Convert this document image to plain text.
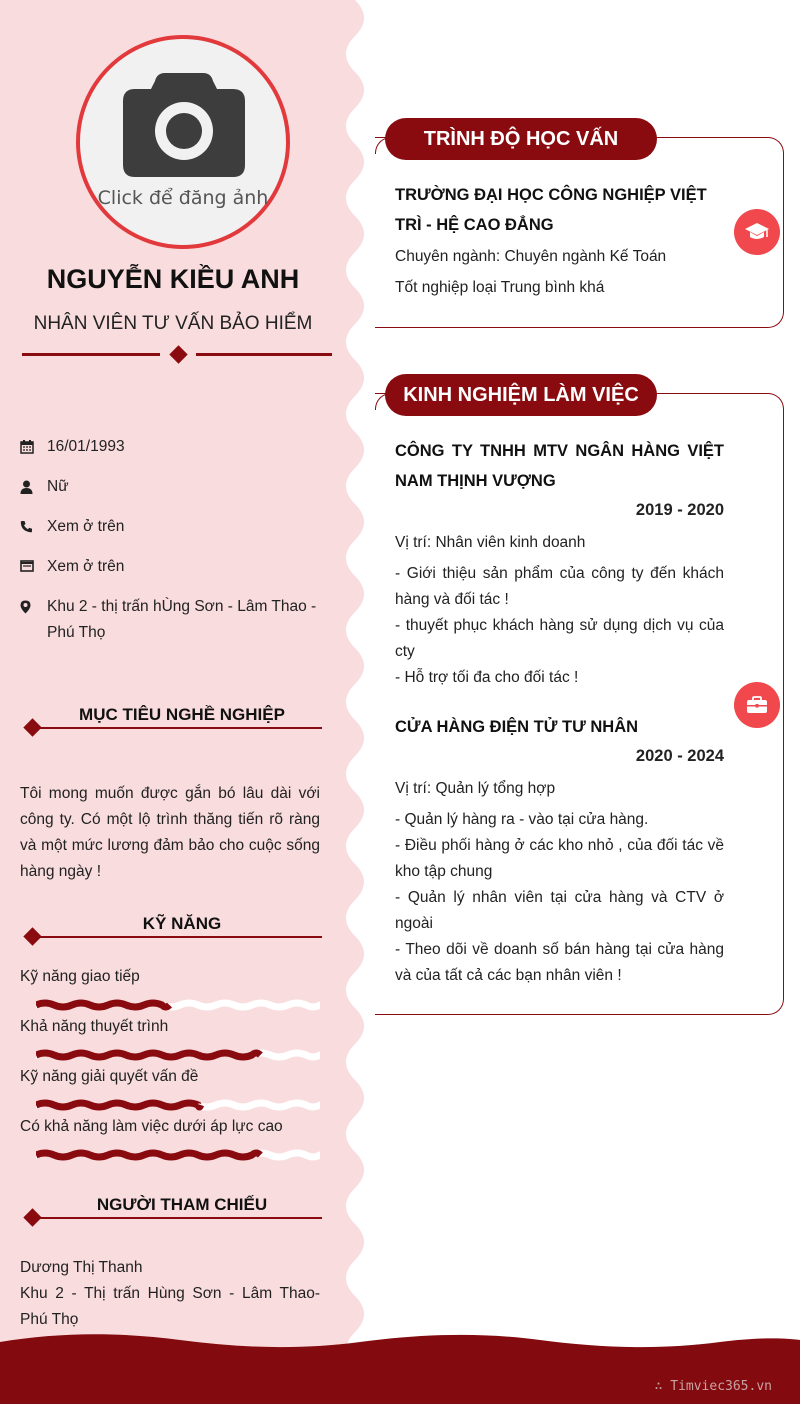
Click để đăng ảnh
NGUYỄN KIỀU ANH
NHÂN VIÊN TƯ VẤN BẢO HIỂM
16/01/1993
Nữ
Xem ở trên
Xem ở trên
Khu 2 - thị trấn hÙng Sơn - Lâm Thao - Phú Thọ
MỤC TIÊU NGHỀ NGHIỆP
Tôi mong muốn được gắn bó lâu dài với công ty. Có một lộ trình thăng tiến rõ ràng và một mức lương đảm bảo cho cuộc sống hàng ngày !
KỸ NĂNG
Kỹ năng giao tiếp
Khả năng thuyết trình
Kỹ năng giải quyết vấn đề
Có khả năng làm việc dưới áp lực cao
NGƯỜI THAM CHIẾU
Dương Thị Thanh
Khu 2 - Thị trấn Hùng Sơn - Lâm Thao- Phú Thọ
TRÌNH ĐỘ HỌC VẤN
TRƯỜNG ĐẠI HỌC CÔNG NGHIỆP VIỆT TRÌ - HỆ CAO ĐẲNG
Chuyên ngành: Chuyên ngành Kế Toán
Tốt nghiệp loại Trung bình khá
KINH NGHIỆM LÀM VIỆC
CÔNG TY TNHH MTV NGÂN HÀNG VIỆT NAM THỊNH VƯỢNG
2019 - 2020
Vị trí: Nhân viên kinh doanh
- Giới thiệu sản phẩm của công ty đến khách hàng và đối tác !
- thuyết phục khách hàng sử dụng dịch vụ của cty
- Hỗ trợ tối đa cho đối tác !
CỬA HÀNG ĐIỆN TỬ TƯ NHÂN
2020 - 2024
Vị trí: Quản lý tổng hợp
- Quản lý hàng ra - vào tại cửa hàng.
- Điều phối hàng ở các kho nhỏ , của đối tác về kho tập chung
- Quản lý nhân viên tại cửa hàng và CTV ở ngoài
- Theo dõi về doanh số bán hàng tại cửa hàng và của tất cả các bạn nhân viên !
∴ Timviec365.vn
